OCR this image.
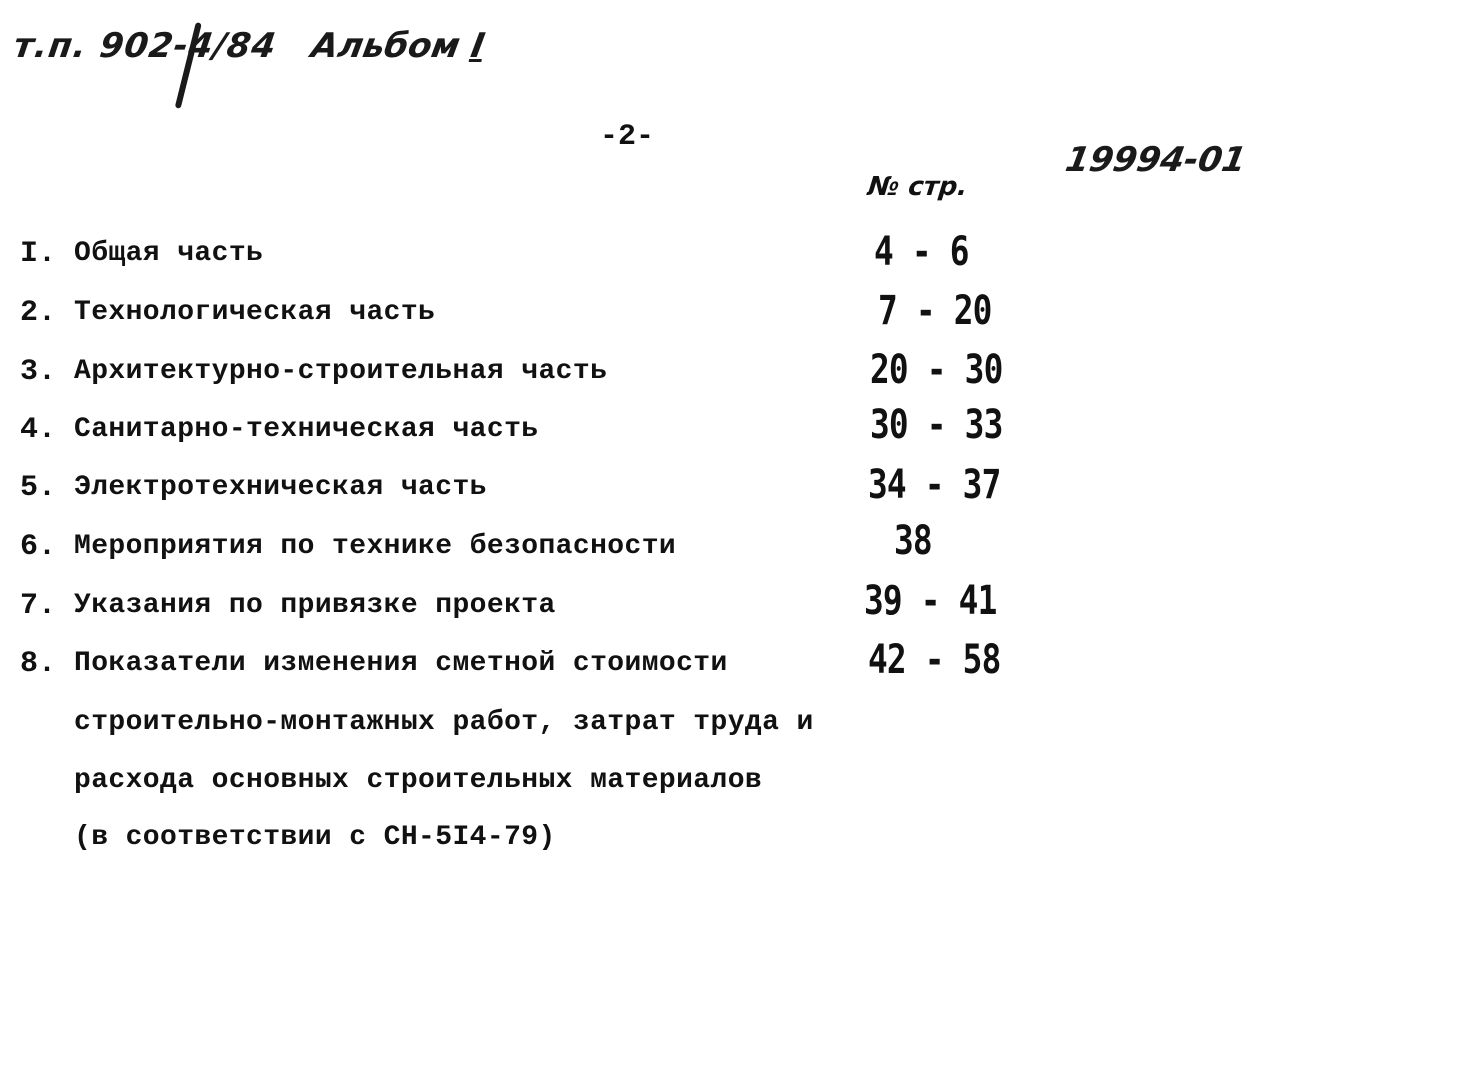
т.п. 902-4/84 Альбом I
-2-
19994-01
№ стр.
I. Общая часть	4 - 6
2. Технологическая часть	7 - 20
3. Архитектурно-строительная часть	20 - 30
4. Санитарно-техническая часть	30 - 33
5. Электротехническая часть	34 - 37
6. Мероприятия по технике безопасности	38
7. Указания по привязке проекта	39 - 41
8. Показатели изменения сметной стоимости	42 - 58
строительно-монтажных работ, затрат труда и
расхода основных строительных материалов
(в соответствии с СН-5I4-79)
